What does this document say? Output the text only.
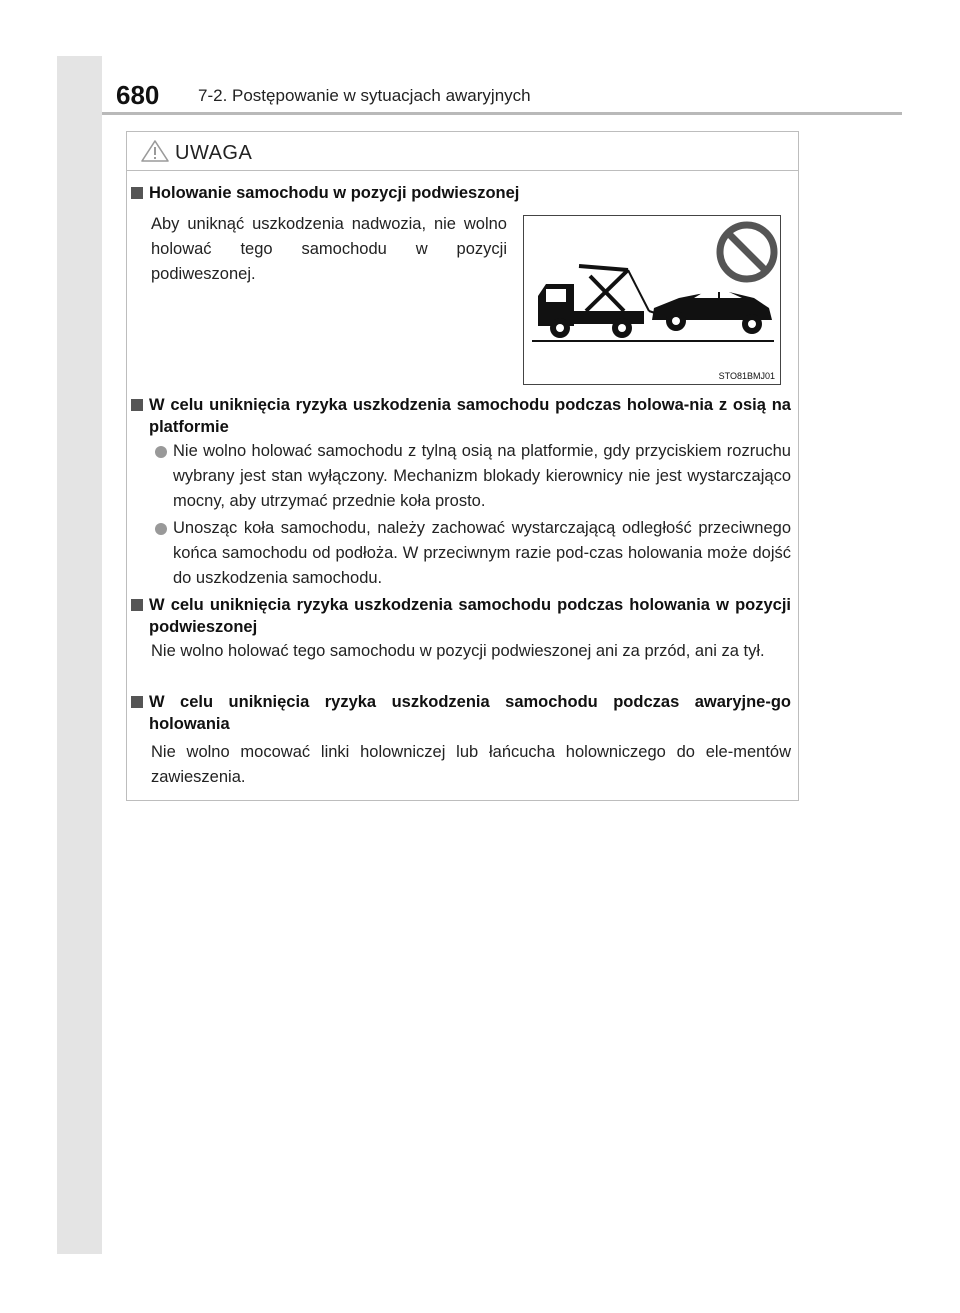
680 7-2. Postępowanie w sytuacjach awaryjnych
UWAGA
Holowanie samochodu w pozycji podwieszonej
Aby uniknąć uszkodzenia nadwozia, nie wolno holować tego samochodu w pozycji podiweszonej.
STO81BMJ01
W celu uniknięcia ryzyka uszkodzenia samochodu podczas holowa-nia z osią na platformie
Nie wolno holować samochodu z tylną osią na platformie, gdy przyciskiem rozruchu wybrany jest stan wyłączony. Mechanizm blokady kierownicy nie jest wystarczająco mocny, aby utrzymać przednie koła prosto.
Unosząc koła samochodu, należy zachować wystarczającą odległość przeciwnego końca samochodu od podłoża. W przeciwnym razie pod-czas holowania może dojść do uszkodzenia samochodu.
W celu uniknięcia ryzyka uszkodzenia samochodu podczas holowania w pozycji podwieszonej
Nie wolno holować tego samochodu w pozycji podwieszonej ani za przód, ani za tył.
W celu uniknięcia ryzyka uszkodzenia samochodu podczas awaryjne-go holowania
Nie wolno mocować linki holowniczej lub łańcucha holowniczego do ele-mentów zawieszenia.
